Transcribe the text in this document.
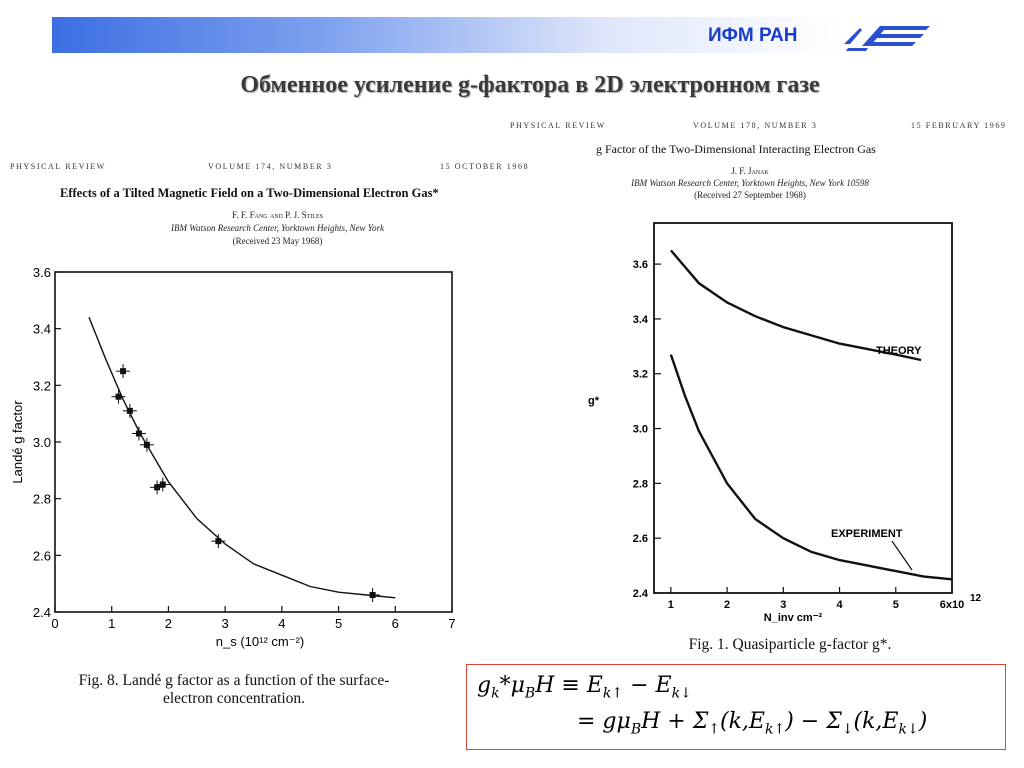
ИФМ РАН
Обменное усиление g-фактора в 2D электронном газе
PHYSICAL REVIEW	VOLUME 174, NUMBER 3	15 OCTOBER 1968
Effects of a Tilted Magnetic Field on a Two-Dimensional Electron Gas*
F. F. Fang and P. J. Stiles
IBM Watson Research Center, Yorktown Heights, New York
(Received 23 May 1968)
0	1	2	3	4	5	6	7
2.4
2.6
2.8
3.0
3.2
3.4
3.6
Landé g factor
n_s (10¹² cm⁻²)
Fig. 8. Landé g factor as a function of the surface-
electron concentration.
PHYSICAL REVIEW	VOLUME 178, NUMBER 3	15 FEBRUARY 1969
g Factor of the Two-Dimensional Interacting Electron Gas
J. F. Janak
IBM Watson Research Center, Yorktown Heights, New York 10598
(Received 27 September 1968)
1	2	3	4	5	6x10
2.4
2.6
2.8
3.0
3.2
3.4
3.6
THEORY
EXPERIMENT
g*
12
N_inv cm⁻²
Fig. 1. Quasiparticle g-factor g*.
$g_k*\mu_BH \equiv E_{k↑} - E_{k↓}$
= $g\mu_BH + \Sigma_↑(k,E_{k↑}) - \Sigma_↓(k,E_{k↓})$
